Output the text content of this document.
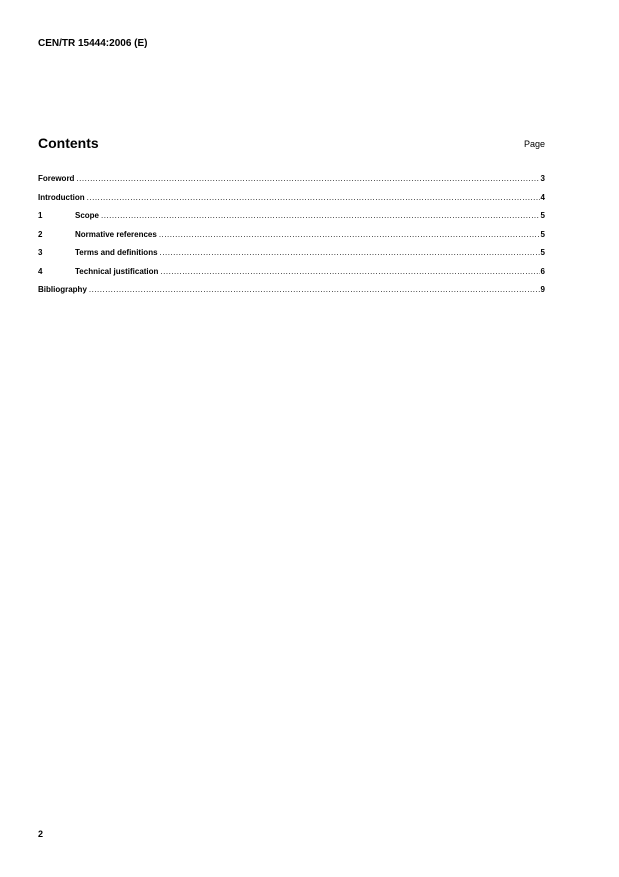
CEN/TR 15444:2006 (E)
Contents	Page
Foreword .....	3
Introduction .....	4
1	Scope .....	5
2	Normative references .....	5
3	Terms and definitions .....	5
4	Technical justification .....	6
Bibliography .....	9
2
